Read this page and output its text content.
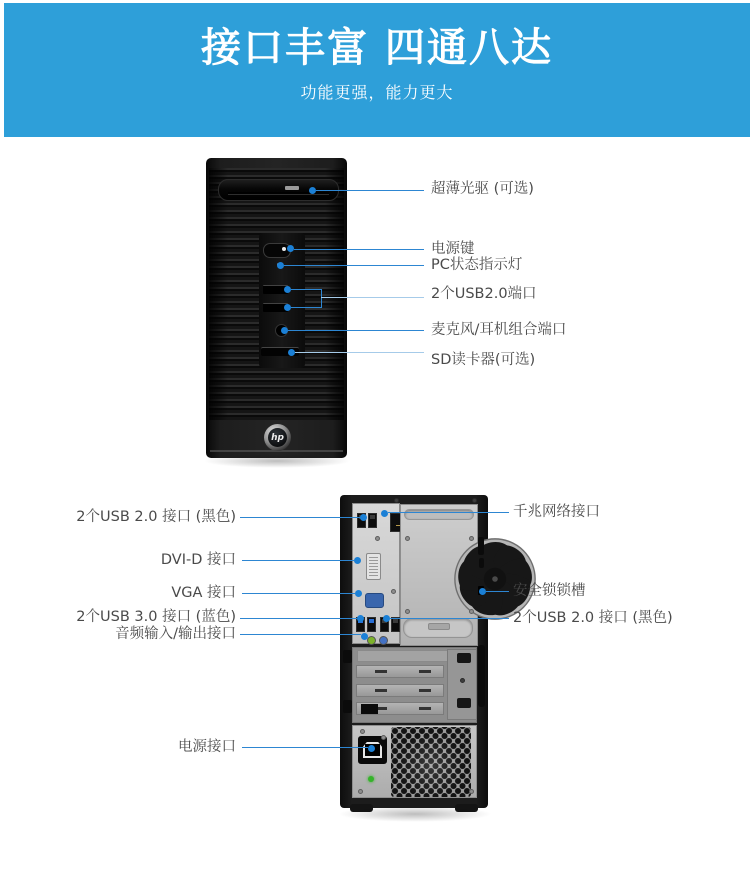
接口丰富 四通八达
功能更强，能力更大
hp
超薄光驱 (可选)
电源键
PC状态指示灯
2个USB2.0端口
麦克风/耳机组合端口
SD读卡器(可选)
2个USB 2.0 接口 (黑色)
DVI-D 接口
VGA 接口
2个USB 3.0 接口 (蓝色)
音频输入/输出接口
电源接口
千兆网络接口
安全锁锁槽
2个USB 2.0 接口 (黑色)
